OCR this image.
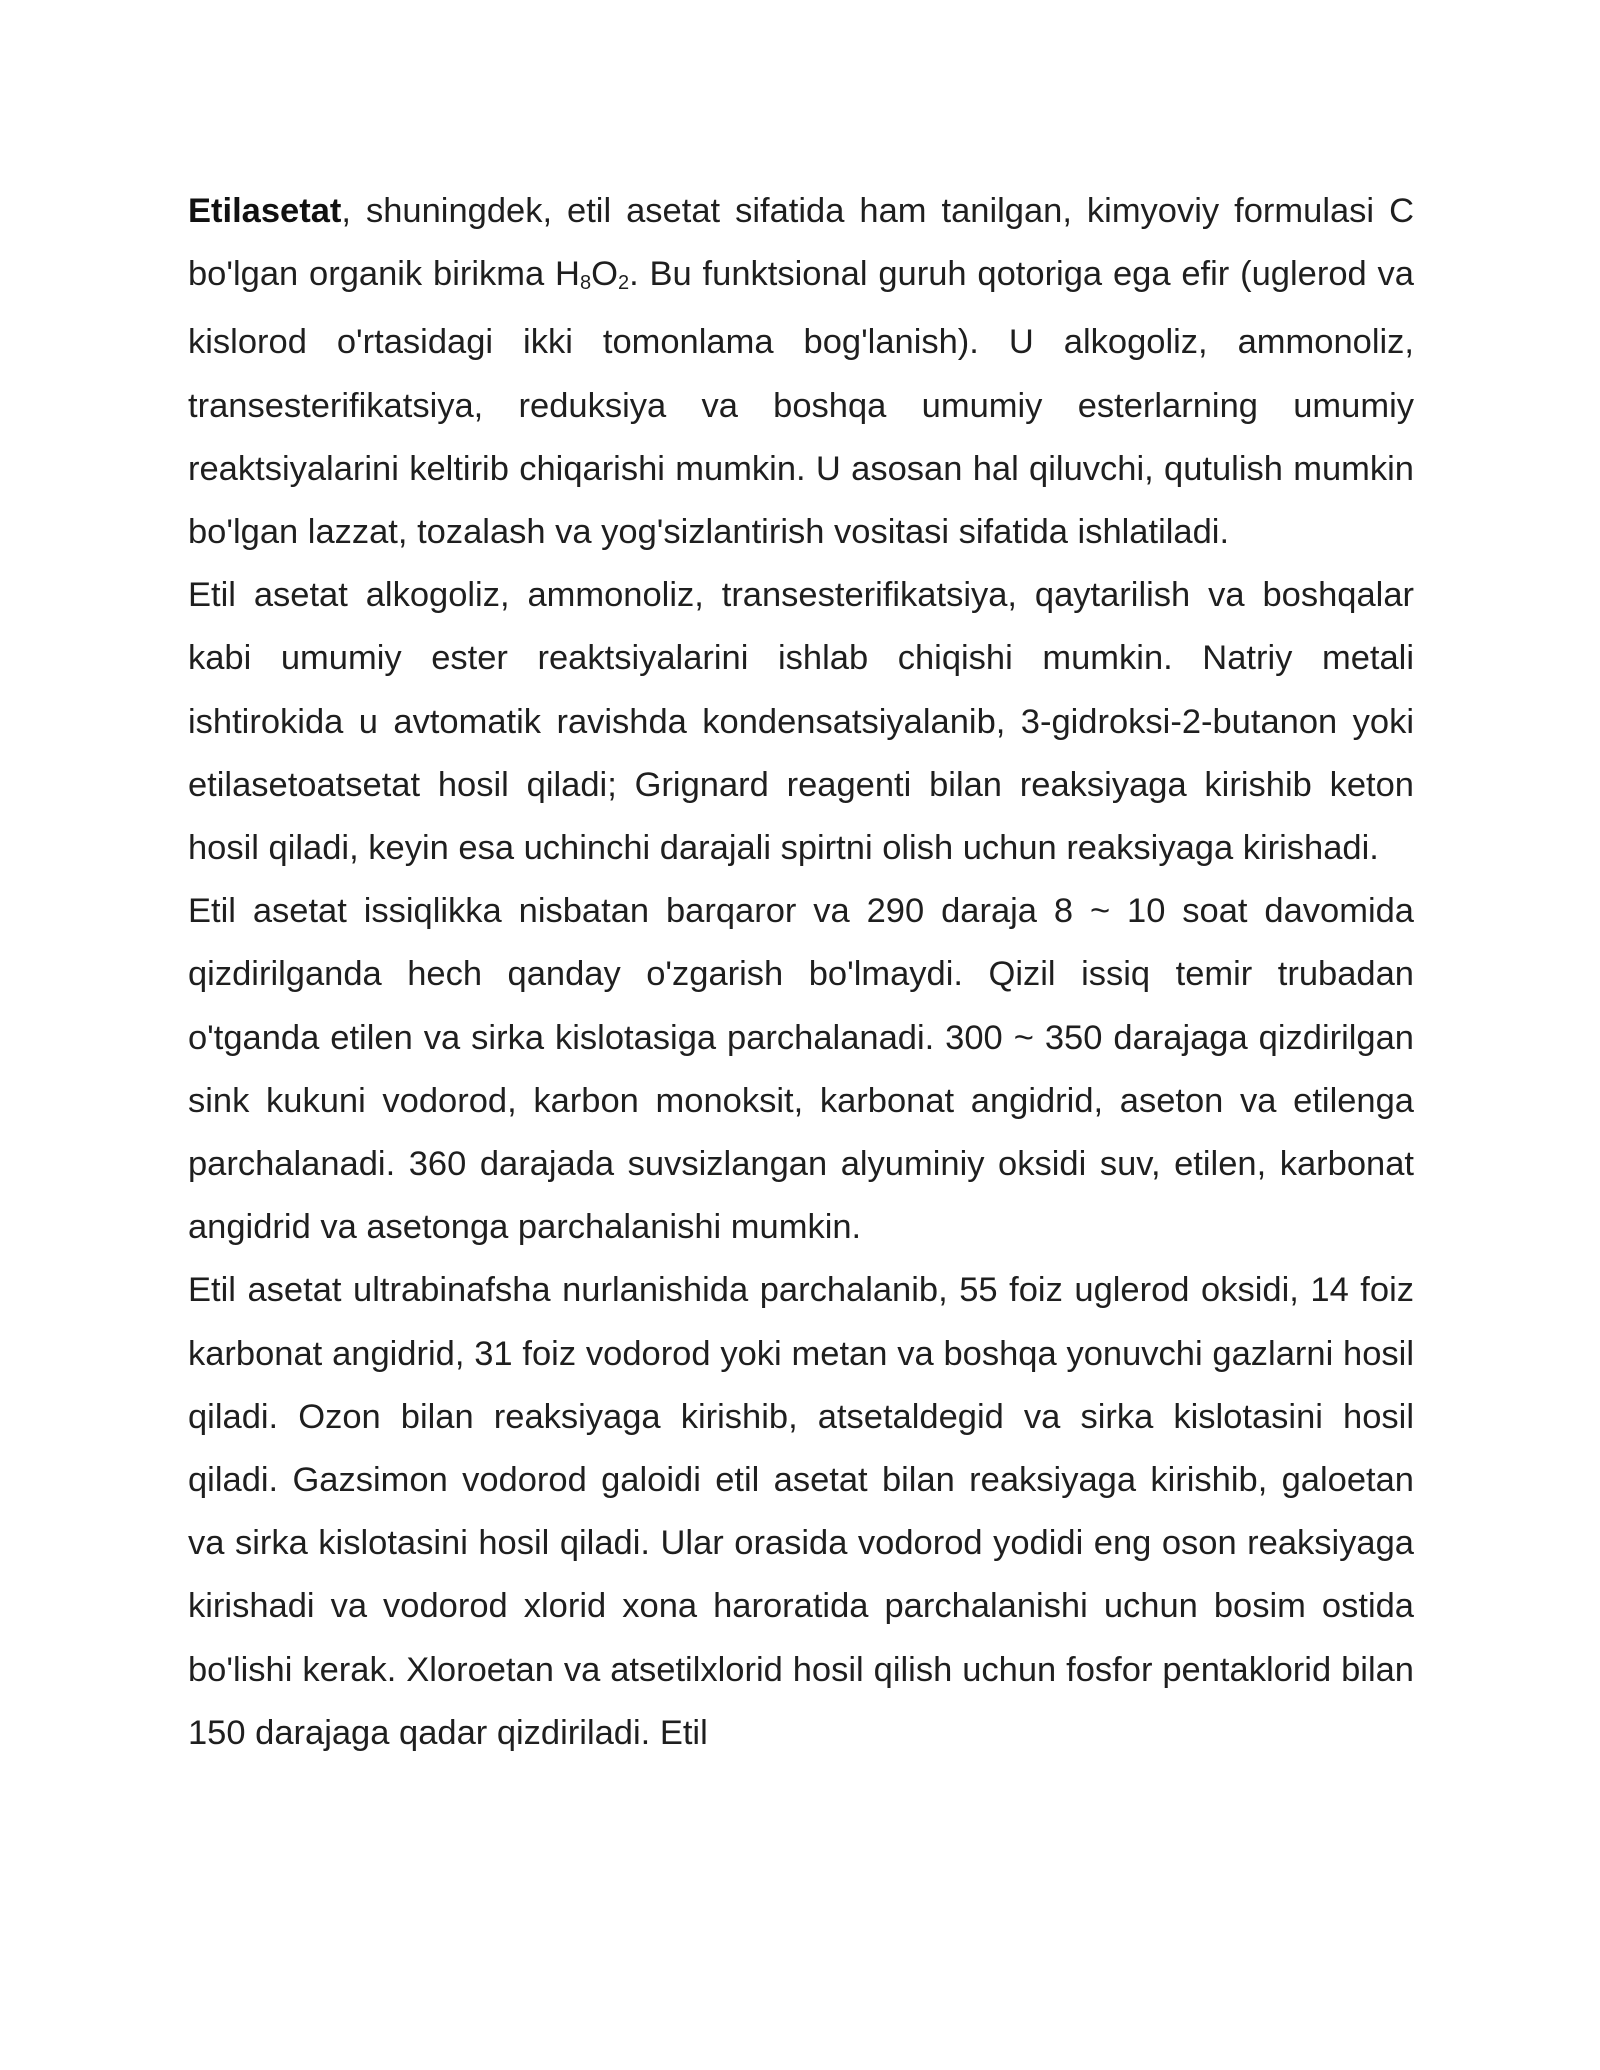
Etilasetat, shuningdek, etil asetat sifatida ham tanilgan, kimyoviy formulasi C bo'lgan organik birikma $H_8O_2$. Bu funktsional guruh qotoriga ega efir (uglerod va kislorod o'rtasidagi ikki tomonlama bog'lanish). U alkogoliz, ammonoliz, transesterifikatsiya, reduksiya va boshqa umumiy esterlarning umumiy reaktsiyalarini keltirib chiqarishi mumkin. U asosan hal qiluvchi, qutulish mumkin bo'lgan lazzat, tozalash va yog'sizlantirish vositasi sifatida ishlatiladi.

Etil asetat alkogoliz, ammonoliz, transesterifikatsiya, qaytarilish va boshqalar kabi umumiy ester reaktsiyalarini ishlab chiqishi mumkin. Natriy metali ishtirokida u avtomatik ravishda kondensatsiyalanib, 3-gidroksi-2-butanon yoki etilasetoatsetat hosil qiladi; Grignard reagenti bilan reaksiyaga kirishib keton hosil qiladi, keyin esa uchinchi darajali spirtni olish uchun reaksiyaga kirishadi.

Etil asetat issiqlikka nisbatan barqaror va 290 daraja 8 ~ 10 soat davomida qizdirilganda hech qanday o'zgarish bo'lmaydi. Qizil issiq temir trubadan o'tganda etilen va sirka kislotasiga parchalanadi. 300 ~ 350 darajaga qizdirilgan sink kukuni vodorod, karbon monoksit, karbonat angidrid, aseton va etilenga parchalanadi. 360 darajada suvsizlangan alyuminiy oksidi suv, etilen, karbonat angidrid va asetonga parchalanishi mumkin.

Etil asetat ultrabinafsha nurlanishida parchalanib, 55 foiz uglerod oksidi, 14 foiz karbonat angidrid, 31 foiz vodorod yoki metan va boshqa yonuvchi gazlarni hosil qiladi. Ozon bilan reaksiyaga kirishib, atsetaldegid va sirka kislotasini hosil qiladi. Gazsimon vodorod galoidi etil asetat bilan reaksiyaga kirishib, galoetan va sirka kislotasini hosil qiladi. Ular orasida vodorod yodidi eng oson reaksiyaga kirishadi va vodorod xlorid xona haroratida parchalanishi uchun bosim ostida bo'lishi kerak. Xloroetan va atsetilxlorid hosil qilish uchun fosfor pentaklorid bilan 150 darajaga qadar qizdiriladi. Etil
